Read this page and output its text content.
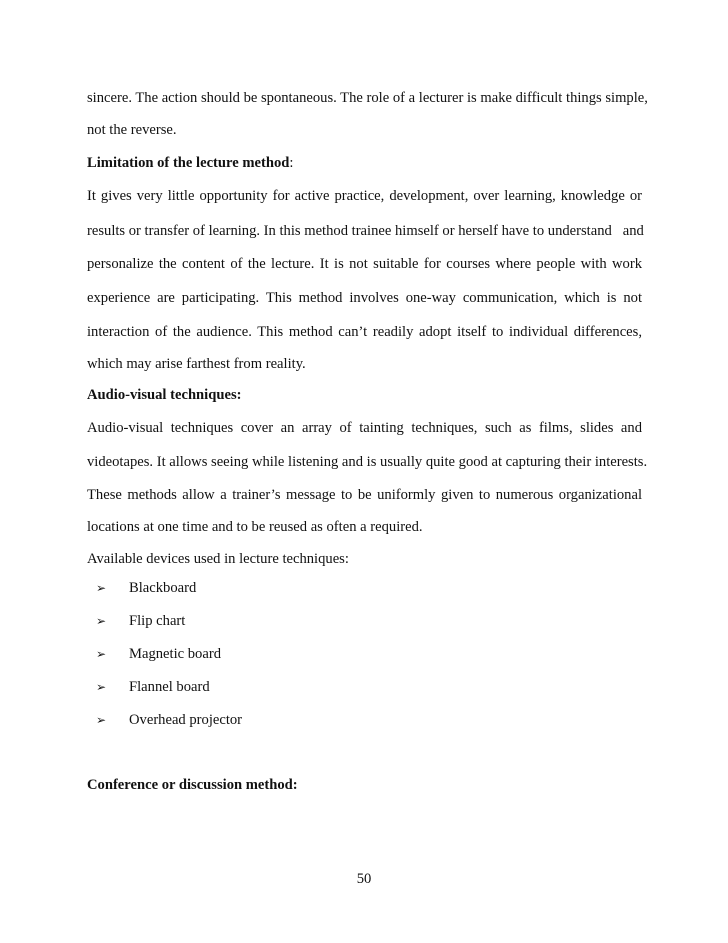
sincere. The action should be spontaneous. The role of a lecturer is make difficult things simple,
not the reverse.
Limitation of the lecture method:
It gives very little opportunity for active practice, development, over learning, knowledge or
results or transfer of learning. In this method trainee himself or herself have to understand   and
personalize the content of the lecture. It is not suitable for courses where people with work
experience are participating. This method involves one-way communication, which is not
interaction of the audience. This method can’t readily adopt itself to individual differences,
which may arise farthest from reality.
Audio-visual techniques:
Audio-visual techniques cover an array of tainting techniques, such as films, slides and
videotapes. It allows seeing while listening and is usually quite good at capturing their interests.
These methods allow a trainer’s message to be uniformly given to numerous organizational
locations at one time and to be reused as often a required.
Available devices used in lecture techniques:
➢ Blackboard
➢ Flip chart
➢ Magnetic board
➢ Flannel board
➢ Overhead projector
Conference or discussion method:
50
